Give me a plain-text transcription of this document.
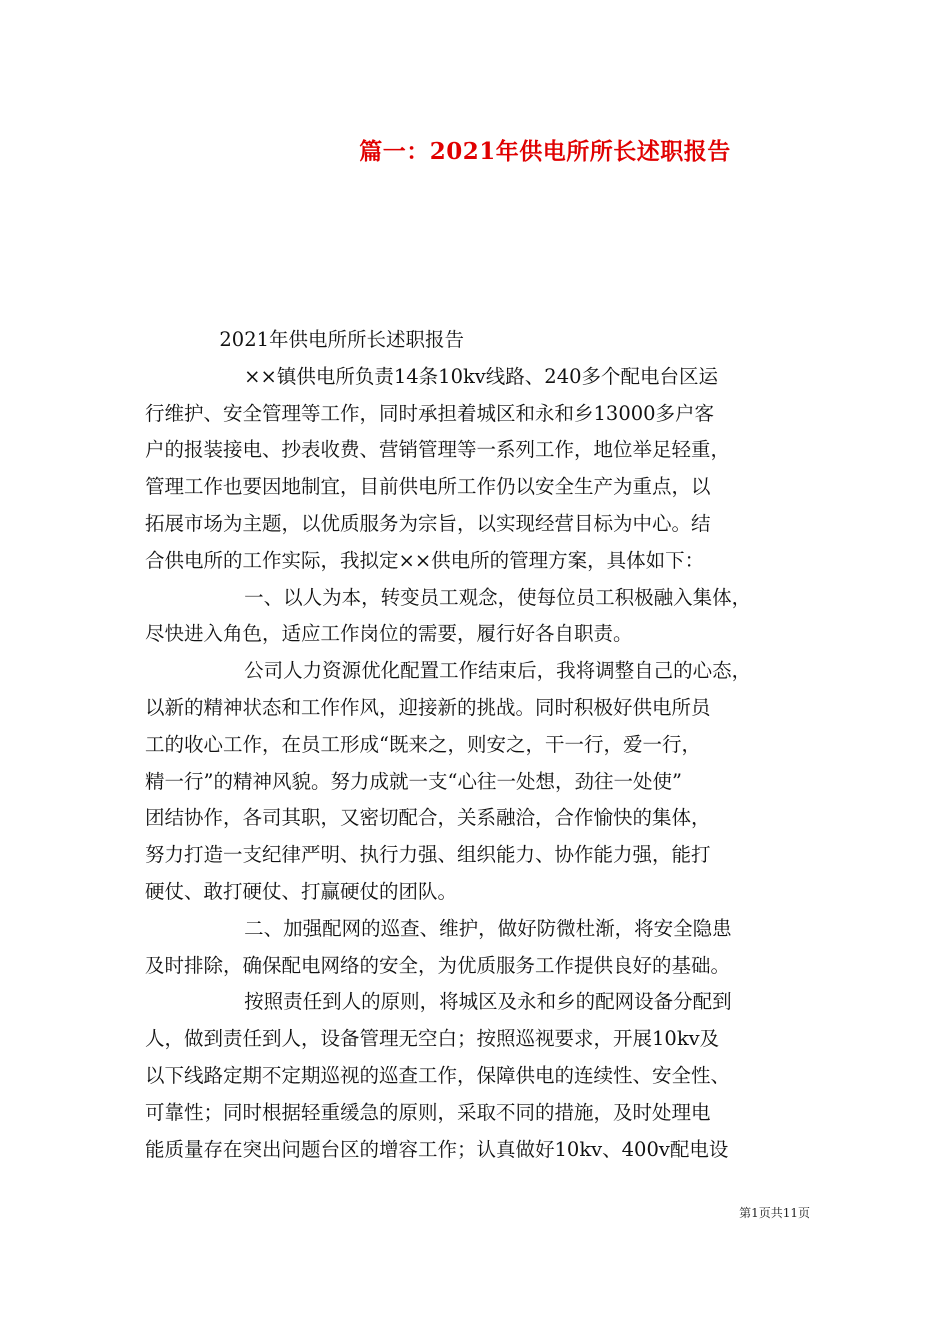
篇一：2021年供电所所长述职报告
2021年供电所所长述职报告
××镇供电所负责14条10kv线路、240多个配电台区运
行维护、安全管理等工作，同时承担着城区和永和乡13000多户客
户的报装接电、抄表收费、营销管理等一系列工作，地位举足轻重，
管理工作也要因地制宜，目前供电所工作仍以安全生产为重点，以
拓展市场为主题，以优质服务为宗旨，以实现经营目标为中心。结
合供电所的工作实际，我拟定××供电所的管理方案，具体如下：
一、以人为本，转变员工观念，使每位员工积极融入集体，
尽快进入角色，适应工作岗位的需要，履行好各自职责。
公司人力资源优化配置工作结束后，我将调整自己的心态，
以新的精神状态和工作作风，迎接新的挑战。同时积极好供电所员
工的收心工作，在员工形成“既来之，则安之，干一行，爱一行，
精一行”的精神风貌。努力成就一支“心往一处想，劲往一处使”
团结协作，各司其职，又密切配合，关系融洽，合作愉快的集体，
努力打造一支纪律严明、执行力强、组织能力、协作能力强，能打
硬仗、敢打硬仗、打赢硬仗的团队。
二、加强配网的巡查、维护，做好防微杜渐，将安全隐患
及时排除，确保配电网络的安全，为优质服务工作提供良好的基础。
按照责任到人的原则，将城区及永和乡的配网设备分配到
人，做到责任到人，设备管理无空白；按照巡视要求，开展10kv及
以下线路定期不定期巡视的巡查工作，保障供电的连续性、安全性、
可靠性；同时根据轻重缓急的原则，采取不同的措施，及时处理电
能质量存在突出问题台区的增容工作；认真做好10kv、400v配电设
第1页共11页
